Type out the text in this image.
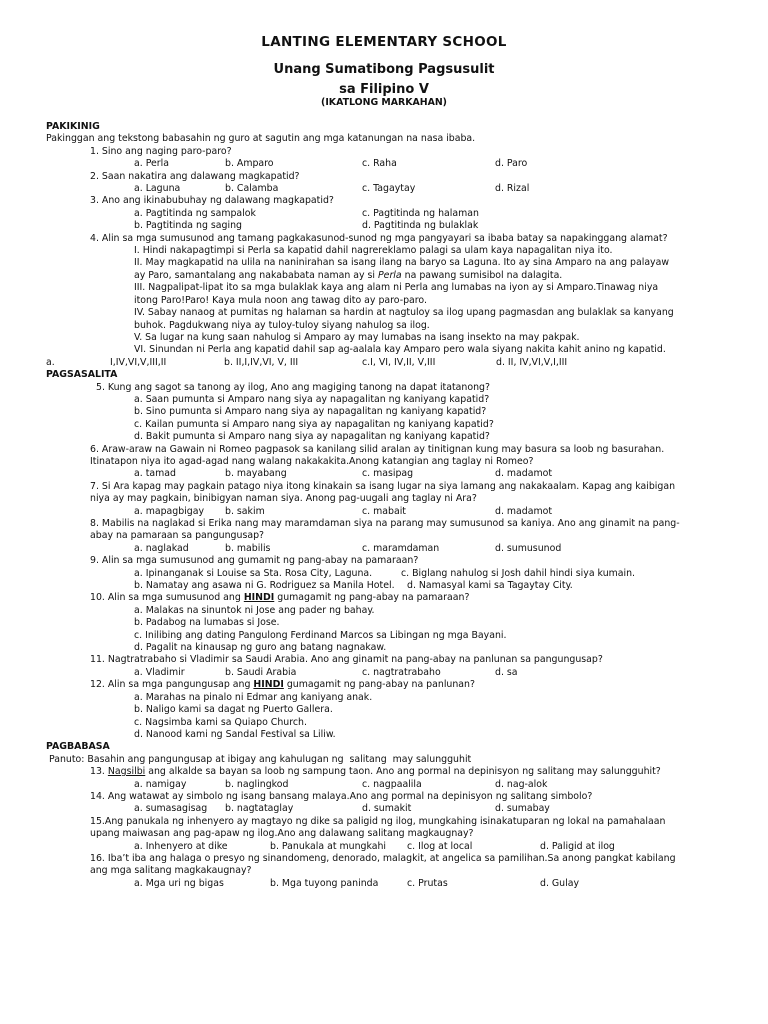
LANTING ELEMENTARY SCHOOL
Unang Sumatibong Pagsusulit
sa Filipino V
(IKATLONG MARKAHAN)
PAKIKINIG
Pakinggan ang tekstong babasahin ng guro at sagutin ang mga katanungan na nasa ibaba.
1. Sino ang naging paro-paro?
a. Perla	b. Amparo	c. Raha	d. Paro
2. Saan nakatira ang dalawang magkapatid?
a. Laguna	b. Calamba	c. Tagaytay	d. Rizal
3. Ano ang ikinabubuhay ng dalawang magkapatid?
a. Pagtitinda ng sampalok	c. Pagtitinda ng halaman
b. Pagtitinda ng saging	d. Pagtitinda ng bulaklak
4. Alin sa mga sumusunod ang tamang pagkakasunod-sunod ng mga pangyayari sa ibaba batay sa napakinggang alamat?
I. Hindi nakapagtimpi si Perla sa kapatid dahil nagrereklamo palagi sa ulam kaya napagalitan niya ito.
II. May magkapatid na ulila na naninirahan sa isang ilang na baryo sa Laguna. Ito ay sina Amparo na ang palayaw
ay Paro, samantalang ang nakababata naman ay si Perla na pawang sumisibol na dalagita.
III. Nagpalipat-lipat ito sa mga bulaklak kaya ang alam ni Perla ang lumabas na iyon ay si Amparo.Tinawag niya
itong Paro!Paro! Kaya mula noon ang tawag dito ay paro-paro.
IV. Sabay nanaog at pumitas ng halaman sa hardin at nagtuloy sa ilog upang pagmasdan ang bulaklak sa kanyang
buhok. Pagdukwang niya ay tuloy-tuloy siyang nahulog sa ilog.
V. Sa lugar na kung saan nahulog si Amparo ay may lumabas na isang insekto na may pakpak.
VI. Sinundan ni Perla ang kapatid dahil sap ag-aalala kay Amparo pero wala siyang nakita kahit anino ng kapatid.
a.	I,IV,VI,V,III,II	b. II,I,IV,VI, V, III	c.I, VI, IV,II, V,III	d. II, IV,VI,V,I,III
PAGSASALITA
5. Kung ang sagot sa tanong ay ilog, Ano ang magiging tanong na dapat itatanong?
a. Saan pumunta si Amparo nang siya ay napagalitan ng kaniyang kapatid?
b. Sino pumunta si Amparo nang siya ay napagalitan ng kaniyang kapatid?
c. Kailan pumunta si Amparo nang siya ay napagalitan ng kaniyang kapatid?
d. Bakit pumunta si Amparo nang siya ay napagalitan ng kaniyang kapatid?
6. Araw-araw na Gawain ni Romeo pagpasok sa kanilang silid aralan ay tinitignan kung may basura sa loob ng basurahan.
Itinatapon niya ito agad-agad nang walang nakakakita.Anong katangian ang taglay ni Romeo?
a. tamad	b. mayabang	c. masipag	d. madamot
7. Si Ara kapag may pagkain patago niya itong kinakain sa isang lugar na siya lamang ang nakakaalam. Kapag ang kaibigan
niya ay may pagkain, binibigyan naman siya. Anong pag-uugali ang taglay ni Ara?
a. mapagbigay	b. sakim	c. mabait	d. madamot
8. Mabilis na naglakad si Erika nang may maramdaman siya na parang may sumusunod sa kaniya. Ano ang ginamit na pang-
abay na pamaraan sa pangungusap?
a. naglakad	b. mabilis	c. maramdaman	d. sumusunod
9. Alin sa mga sumusunod ang gumamit ng pang-abay na pamaraan?
a. Ipinanganak si Louise sa Sta. Rosa City, Laguna.	c. Biglang nahulog si Josh dahil hindi siya kumain.
b. Namatay ang asawa ni G. Rodriguez sa Manila Hotel.	d. Namasyal kami sa Tagaytay City.
10. Alin sa mga sumusunod ang HINDI gumagamit ng pang-abay na pamaraan?
a. Malakas na sinuntok ni Jose ang pader ng bahay.
b. Padabog na lumabas si Jose.
c. Inilibing ang dating Pangulong Ferdinand Marcos sa Libingan ng mga Bayani.
d. Pagalit na kinausap ng guro ang batang nagnakaw.
11. Nagtratrabaho si Vladimir sa Saudi Arabia. Ano ang ginamit na pang-abay na panlunan sa pangungusap?
a. Vladimir	b. Saudi Arabia	c. nagtratrabaho	d. sa
12. Alin sa mga pangungusap ang HINDI gumagamit ng pang-abay na panlunan?
a. Marahas na pinalo ni Edmar ang kaniyang anak.
b. Naligo kami sa dagat ng Puerto Gallera.
c. Nagsimba kami sa Quiapo Church.
d. Nanood kami ng Sandal Festival sa Liliw.
PAGBABASA
Panuto: Basahin ang pangungusap at ibigay ang kahulugan ng  salitang  may salungguhit
13. Nagsilbi ang alkalde sa bayan sa loob ng sampung taon. Ano ang pormal na depinisyon ng salitang may salungguhit?
a. namigay	b. naglingkod	c. nagpaalila	d. nag-alok
14. Ang watawat ay simbolo ng isang bansang malaya.Ano ang pormal na depinisyon ng salitang simbolo?
a. sumasagisag	b. nagtataglay	d. sumakit	d. sumabay
15.Ang panukala ng inhenyero ay magtayo ng dike sa paligid ng ilog, mungkahing isinakatuparan ng lokal na pamahalaan
upang maiwasan ang pag-apaw ng ilog.Ano ang dalawang salitang magkaugnay?
a. Inhenyero at dike	b. Panukala at mungkahi	c. Ilog at local	d. Paligid at ilog
16. Iba’t iba ang halaga o presyo ng sinandomeng, denorado, malagkit, at angelica sa pamilihan.Sa anong pangkat kabilang
ang mga salitang magkakaugnay?
a. Mga uri ng bigas	b. Mga tuyong paninda	c. Prutas	d. Gulay
